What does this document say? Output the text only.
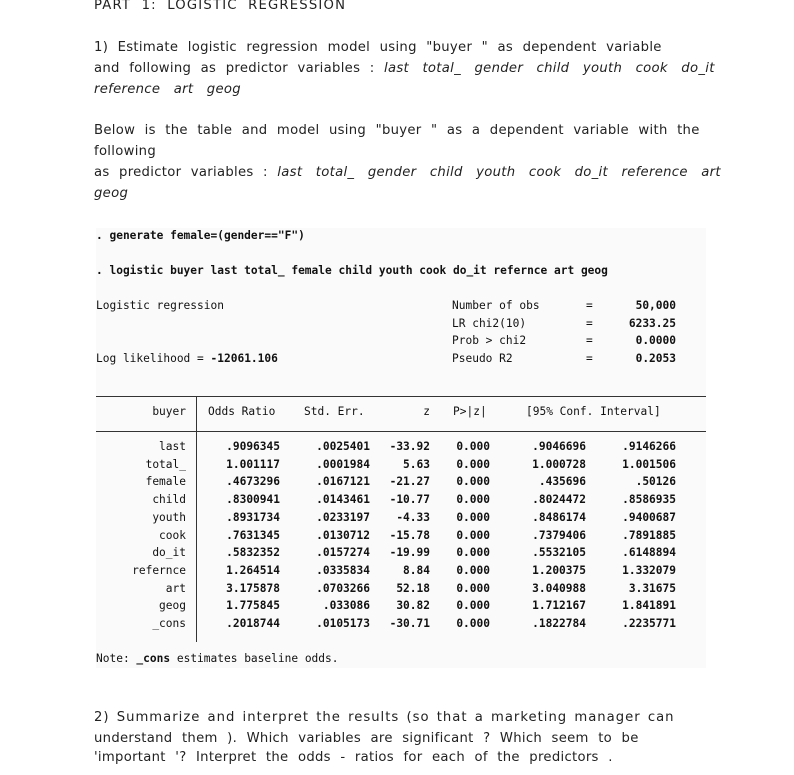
PART 1: LOGISTIC REGRESSION
1) Estimate logistic regression model using "buyer " as dependent variable
and following as predictor variables : last total_ gender child youth cook do_it
reference art geog
Below is the table and model using "buyer " as a dependent variable with the
following
as predictor variables : last total_ gender child youth cook do_it reference art
geog
. generate female=(gender=="F")
. logistic buyer last total_ female child youth cook do_it refernce art geog
Logistic regression
Log likelihood = -12061.106
Number of obs	=	50,000
LR chi2(10)	=	6233.25
Prob > chi2	=	0.0000
Pseudo R2	=	0.2053
buyer Odds Ratio	Std. Err.	z P>|z|	[95% Conf. Interval]
last	.9096345	.0025401	-33.92	0.000	.9046696	.9146266
total_	1.001117	.0001984	5.63	0.000	1.000728	1.001506
female	.4673296	.0167121	-21.27	0.000	.435696	.50126
child	.8300941	.0143461	-10.77	0.000	.8024472	.8586935
youth	.8931734	.0233197	-4.33	0.000	.8486174	.9400687
cook	.7631345	.0130712	-15.78	0.000	.7379406	.7891885
do_it	.5832352	.0157274	-19.99	0.000	.5532105	.6148894
refernce	1.264514	.0335834	8.84	0.000	1.200375	1.332079
art	3.175878	.0703266	52.18	0.000	3.040988	3.31675
geog	1.775845	.033086	30.82	0.000	1.712167	1.841891
_cons	.2018744	.0105173	-30.71	0.000	.1822784	.2235771
Note: _cons estimates baseline odds.
2) Summarize and interpret the results (so that a marketing manager can
understand them ). Which variables are significant ? Which seem to be
'important '? Interpret the odds - ratios for each of the predictors .
